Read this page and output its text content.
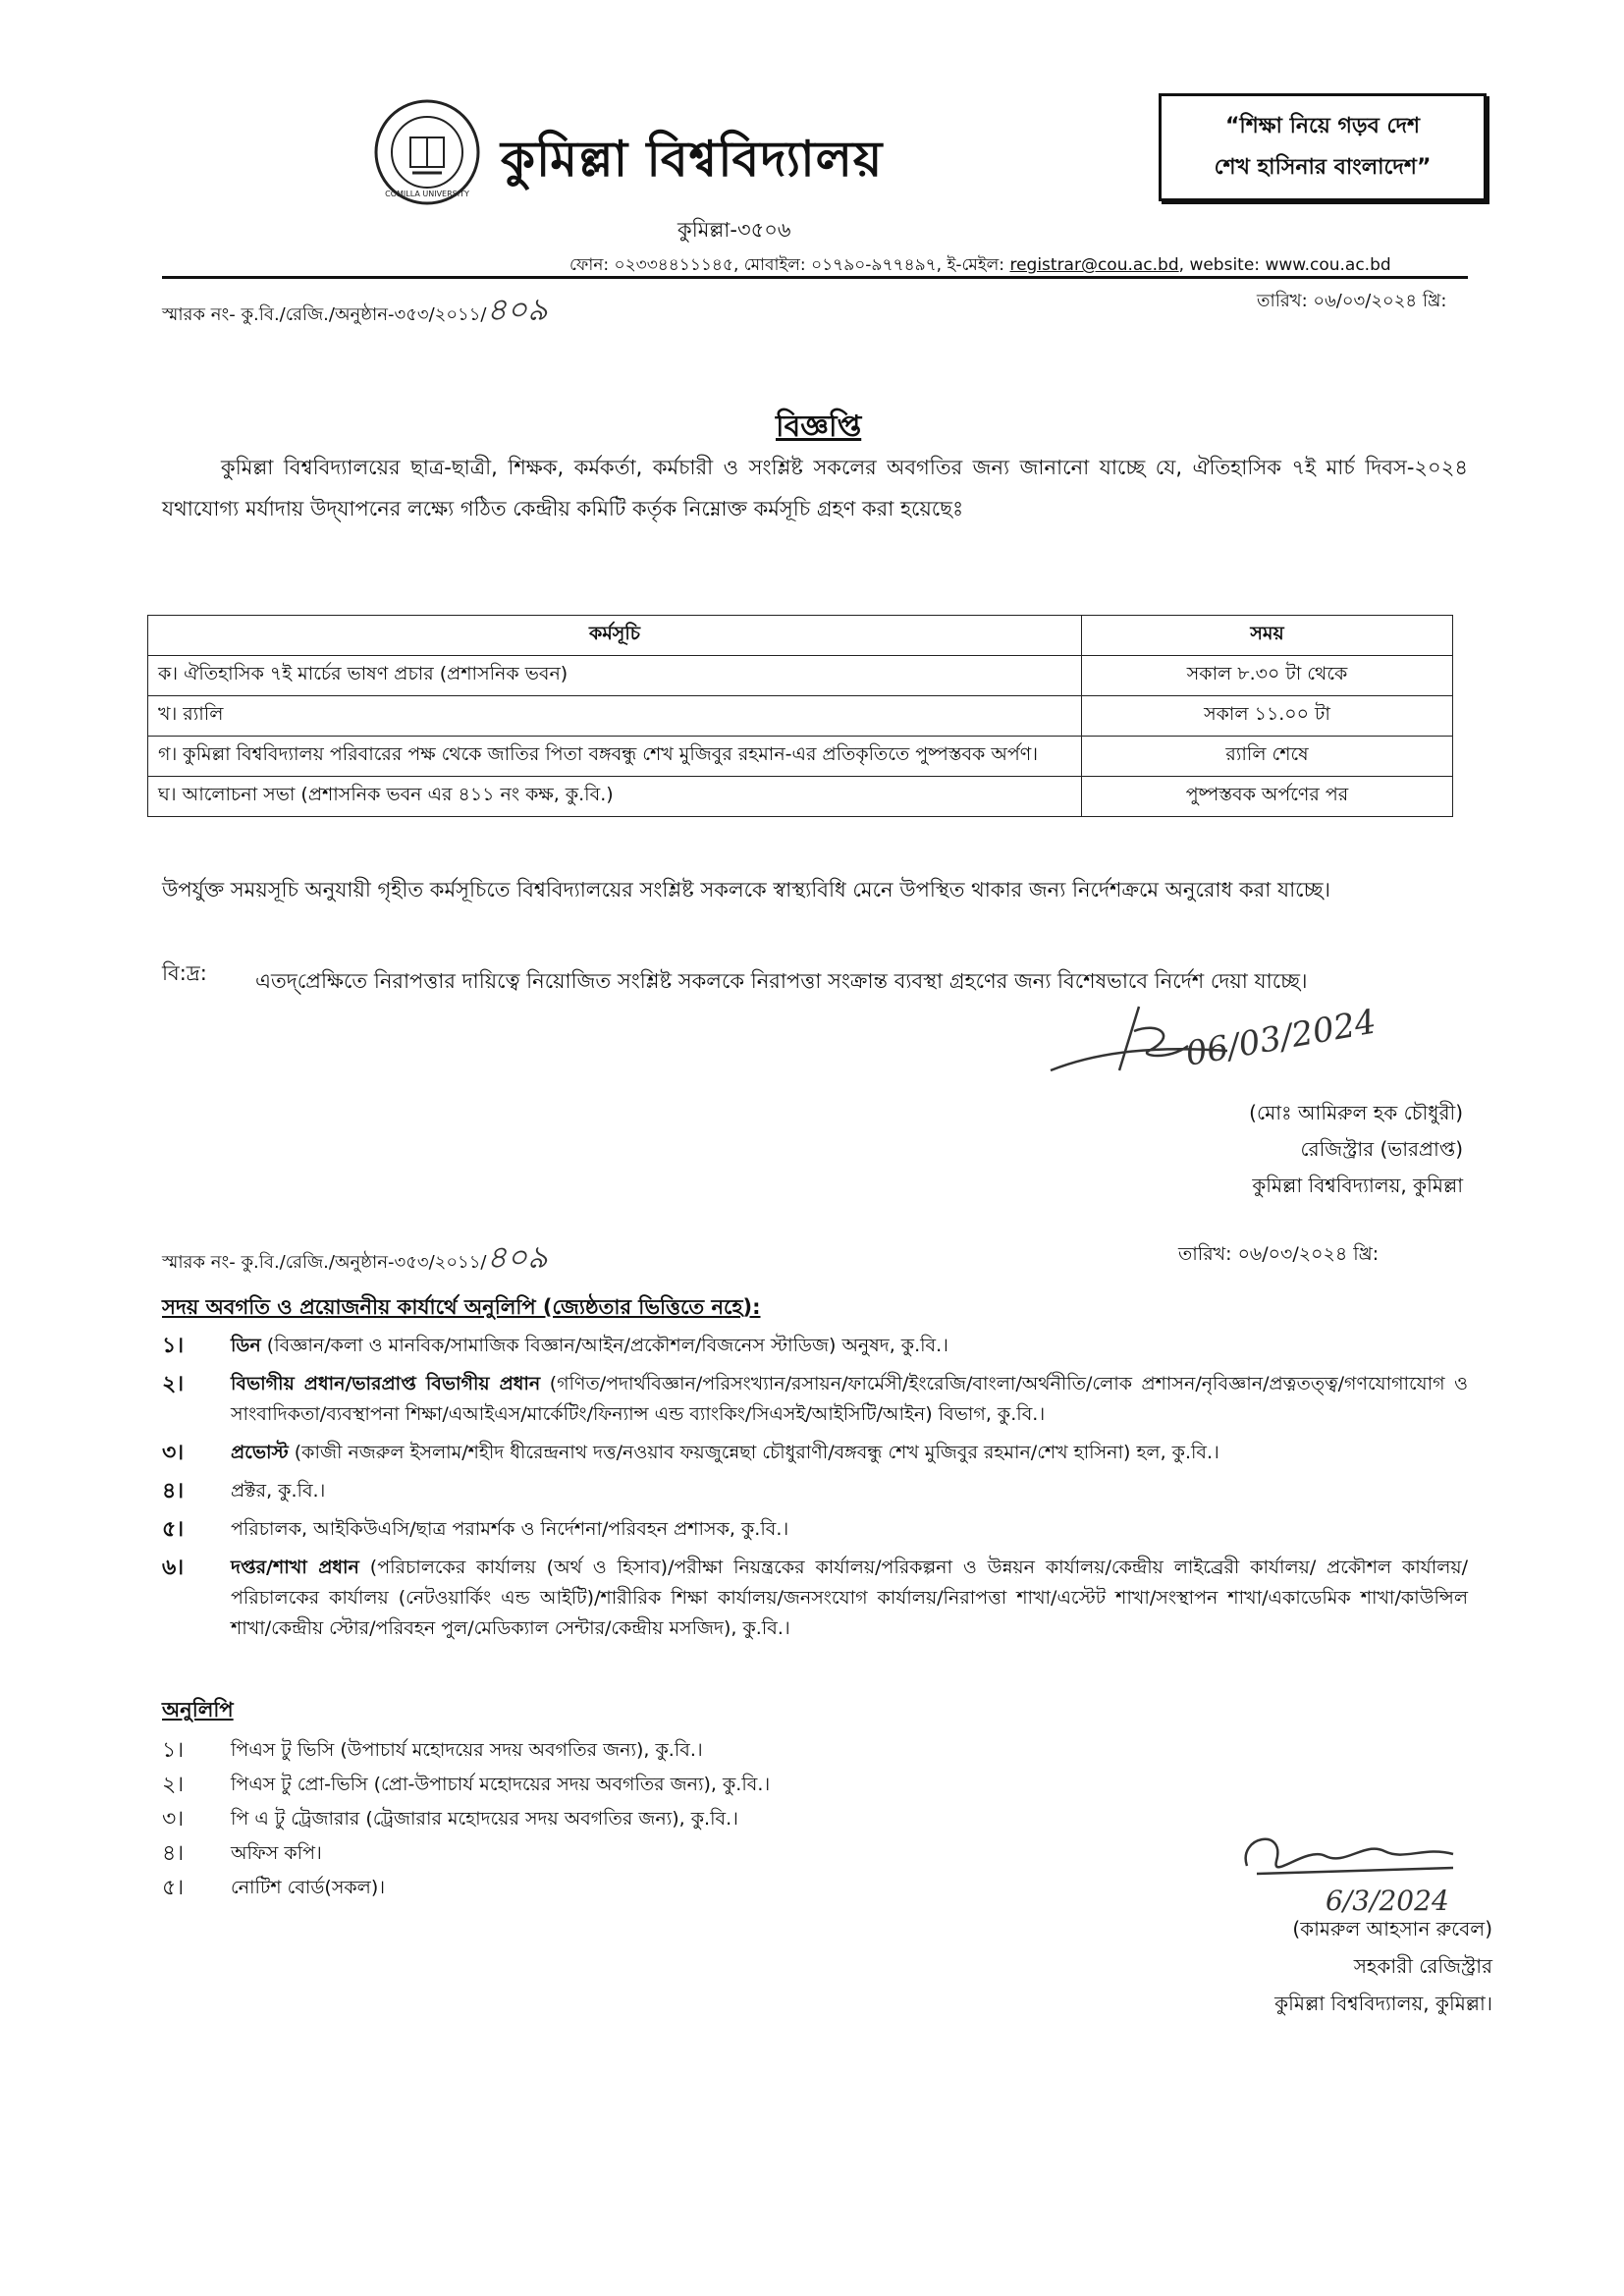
COMILLA UNIVERSITY
কুমিল্লা বিশ্ববিদ্যালয়
“শিক্ষা নিয়ে গড়ব দেশ
শেখ হাসিনার বাংলাদেশ”
কুমিল্লা-৩৫০৬
ফোন: ০২৩৩৪৪১১১৪৫, মোবাইল: ০১৭৯০-৯৭৭৪৯৭, ই-মেইল: registrar@cou.ac.bd, website: www.cou.ac.bd
স্মারক নং- কু.বি./রেজি./অনুষ্ঠান-৩৫৩/২০১১/৪০৯	তারিখ: ০৬/০৩/২০২৪ খ্রি:
বিজ্ঞপ্তি
কুমিল্লা বিশ্ববিদ্যালয়ের ছাত্র-ছাত্রী, শিক্ষক, কর্মকর্তা, কর্মচারী ও সংশ্লিষ্ট সকলের অবগতির জন্য জানানো যাচ্ছে যে, ঐতিহাসিক ৭ই মার্চ দিবস-২০২৪ যথাযোগ্য মর্যাদায় উদ্‌যাপনের লক্ষ্যে গঠিত কেন্দ্রীয় কমিটি কর্তৃক নিম্নোক্ত কর্মসূচি গ্রহণ করা হয়েছেঃ
কর্মসূচি	সময়
ক। ঐতিহাসিক ৭ই মার্চের ভাষণ প্রচার (প্রশাসনিক ভবন)	সকাল ৮.৩০ টা থেকে
খ। র‍্যালি	সকাল ১১.০০ টা
গ। কুমিল্লা বিশ্ববিদ্যালয় পরিবারের পক্ষ থেকে জাতির পিতা বঙ্গবন্ধু শেখ মুজিবুর রহমান-এর প্রতিকৃতিতে পুষ্পস্তবক অর্পণ।	র‍্যালি শেষে
ঘ। আলোচনা সভা (প্রশাসনিক ভবন এর ৪১১ নং কক্ষ, কু.বি.)	পুষ্পস্তবক অর্পণের পর
উপর্যুক্ত সময়সূচি অনুযায়ী গৃহীত কর্মসূচিতে বিশ্ববিদ্যালয়ের সংশ্লিষ্ট সকলকে স্বাস্থ্যবিধি মেনে উপস্থিত থাকার জন্য নির্দেশক্রমে অনুরোধ করা যাচ্ছে।
বি:দ্র: এতদ্‌প্রেক্ষিতে নিরাপত্তার দায়িত্বে নিয়োজিত সংশ্লিষ্ট সকলকে নিরাপত্তা সংক্রান্ত ব্যবস্থা গ্রহণের জন্য বিশেষভাবে নির্দেশ দেয়া যাচ্ছে।
06/03/2024
(মোঃ আমিরুল হক চৌধুরী)
রেজিস্ট্রার (ভারপ্রাপ্ত)
কুমিল্লা বিশ্ববিদ্যালয়, কুমিল্লা
স্মারক নং- কু.বি./রেজি./অনুষ্ঠান-৩৫৩/২০১১/৪০৯	তারিখ: ০৬/০৩/২০২৪ খ্রি:
সদয় অবগতি ও প্রয়োজনীয় কার্যার্থে অনুলিপি (জ্যেষ্ঠতার ভিত্তিতে নহে):
১।	ডিন (বিজ্ঞান/কলা ও মানবিক/সামাজিক বিজ্ঞান/আইন/প্রকৌশল/বিজনেস স্টাডিজ) অনুষদ, কু.বি.।
২।	বিভাগীয় প্রধান/ভারপ্রাপ্ত বিভাগীয় প্রধান (গণিত/পদার্থবিজ্ঞান/পরিসংখ্যান/রসায়ন/ফার্মেসী/ইংরেজি/বাংলা/অর্থনীতি/লোক প্রশাসন/নৃবিজ্ঞান/প্রত্নতত্ত্ব/গণযোগাযোগ ও সাংবাদিকতা/ব্যবস্থাপনা শিক্ষা/এআইএস/মার্কেটিং/ফিন্যান্স এন্ড ব্যাংকিং/সিএসই/আইসিটি/আইন) বিভাগ, কু.বি.।
৩।	প্রভোস্ট (কাজী নজরুল ইসলাম/শহীদ ধীরেন্দ্রনাথ দত্ত/নওয়াব ফয়জুন্নেছা চৌধুরাণী/বঙ্গবন্ধু শেখ মুজিবুর রহমান/শেখ হাসিনা) হল, কু.বি.।
৪।	প্রক্টর, কু.বি.।
৫।	পরিচালক, আইকিউএসি/ছাত্র পরামর্শক ও নির্দেশনা/পরিবহন প্রশাসক, কু.বি.।
৬।	দপ্তর/শাখা প্রধান (পরিচালকের কার্যালয় (অর্থ ও হিসাব)/পরীক্ষা নিয়ন্ত্রকের কার্যালয়/পরিকল্পনা ও উন্নয়ন কার্যালয়/কেন্দ্রীয় লাইব্রেরী কার্যালয়/ প্রকৌশল কার্যালয়/পরিচালকের কার্যালয় (নেটওয়ার্কিং এন্ড আইটি)/শারীরিক শিক্ষা কার্যালয়/জনসংযোগ কার্যালয়/নিরাপত্তা শাখা/এস্টেট শাখা/সংস্থাপন শাখা/একাডেমিক শাখা/কাউন্সিল শাখা/কেন্দ্রীয় স্টোর/পরিবহন পুল/মেডিক্যাল সেন্টার/কেন্দ্রীয় মসজিদ), কু.বি.।
অনুলিপি
১।	পিএস টু ভিসি (উপাচার্য মহোদয়ের সদয় অবগতির জন্য), কু.বি.।
২।	পিএস টু প্রো-ভিসি (প্রো-উপাচার্য মহোদয়ের সদয় অবগতির জন্য), কু.বি.।
৩।	পি এ টু ট্রেজারার (ট্রেজারার মহোদয়ের সদয় অবগতির জন্য), কু.বি.।
৪।	অফিস কপি।
৫।	নোটিশ বোর্ড(সকল)।	6/3/2024
(কামরুল আহসান রুবেল)
সহকারী রেজিস্ট্রার
কুমিল্লা বিশ্ববিদ্যালয়, কুমিল্লা।
